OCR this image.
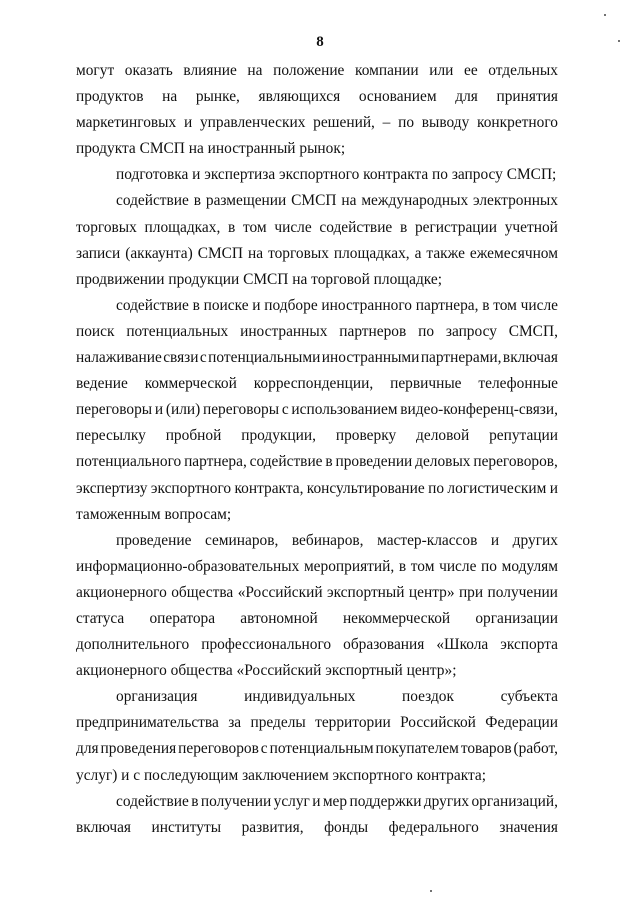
8
могут оказать влияние на положение компании или ее отдельных
продуктов на рынке, являющихся основанием для принятия
маркетинговых и управленческих решений, – по выводу конкретного
продукта СМСП на иностранный рынок;
подготовка и экспертиза экспортного контракта по запросу СМСП;
содействие в размещении СМСП на международных электронных
торговых площадках, в том числе содействие в регистрации учетной
записи (аккаунта) СМСП на торговых площадках, а также ежемесячном
продвижении продукции СМСП на торговой площадке;
содействие в поиске и подборе иностранного партнера, в том числе
поиск потенциальных иностранных партнеров по запросу СМСП,
налаживание связи с потенциальными иностранными партнерами, включая
ведение коммерческой корреспонденции, первичные телефонные
переговоры и (или) переговоры с использованием видео-конференц-связи,
пересылку пробной продукции, проверку деловой репутации
потенциального партнера, содействие в проведении деловых переговоров,
экспертизу экспортного контракта, консультирование по логистическим и
таможенным вопросам;
проведение семинаров, вебинаров, мастер-классов и других
информационно-образовательных мероприятий, в том числе по модулям
акционерного общества «Российский экспортный центр» при получении
статуса оператора автономной некоммерческой организации
дополнительного профессионального образования «Школа экспорта
акционерного общества «Российский экспортный центр»;
организация	индивидуальных	поездок	субъекта
предпринимательства за пределы территории Российской Федерации
для проведения переговоров с потенциальным покупателем товаров (работ,
услуг) и с последующим заключением экспортного контракта;
содействие в получении услуг и мер поддержки других организаций,
включая институты развития, фонды федерального значения
